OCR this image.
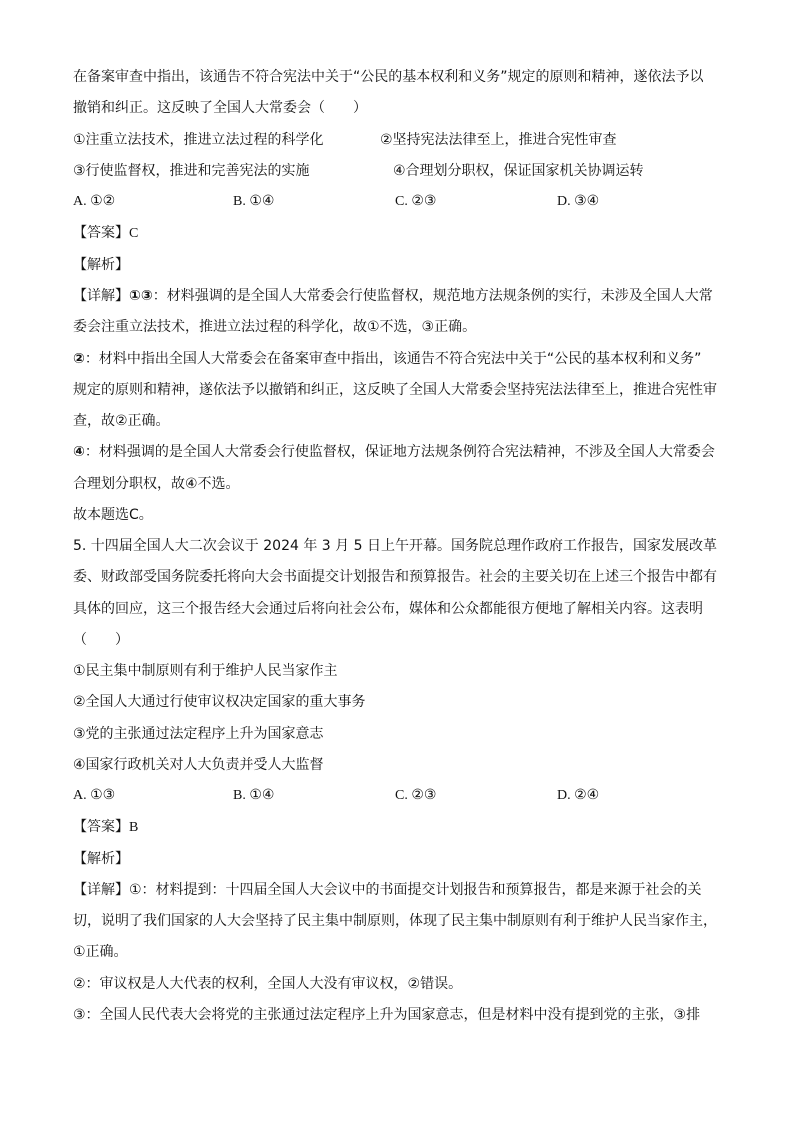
在备案审查中指出，该通告不符合宪法中关于“公民的基本权利和义务”规定的原则和精神，遂依法予以
撤销和纠正。这反映了全国人大常委会（　　）
①注重立法技术，推进立法过程的科学化	②坚持宪法法律至上，推进合宪性审查
③行使监督权，推进和完善宪法的实施	④合理划分职权，保证国家机关协调运转
A. ①②	B. ①④	C. ②③	D. ③④
【答案】C
【解析】
【详解】①③：材料强调的是全国人大常委会行使监督权，规范地方法规条例的实行，未涉及全国人大常
委会注重立法技术，推进立法过程的科学化，故①不选，③正确。
②：材料中指出全国人大常委会在备案审查中指出，该通告不符合宪法中关于“公民的基本权利和义务”
规定的原则和精神，遂依法予以撤销和纠正，这反映了全国人大常委会坚持宪法法律至上，推进合宪性审
查，故②正确。
④：材料强调的是全国人大常委会行使监督权，保证地方法规条例符合宪法精神，不涉及全国人大常委会
合理划分职权，故④不选。
故本题选C。
5. 十四届全国人大二次会议于 2024 年 3 月 5 日上午开幕。国务院总理作政府工作报告，国家发展改革
委、财政部受国务院委托将向大会书面提交计划报告和预算报告。社会的主要关切在上述三个报告中都有
具体的回应，这三个报告经大会通过后将向社会公布，媒体和公众都能很方便地了解相关内容。这表明
（　　）
①民主集中制原则有利于维护人民当家作主
②全国人大通过行使审议权决定国家的重大事务
③党的主张通过法定程序上升为国家意志
④国家行政机关对人大负责并受人大监督
A. ①③	B. ①④	C. ②③	D. ②④
【答案】B
【解析】
【详解】①：材料提到：十四届全国人大会议中的书面提交计划报告和预算报告，都是来源于社会的关
切，说明了我们国家的人大会坚持了民主集中制原则，体现了民主集中制原则有利于维护人民当家作主，
①正确。
②：审议权是人大代表的权利，全国人大没有审议权，②错误。
③：全国人民代表大会将党的主张通过法定程序上升为国家意志，但是材料中没有提到党的主张，③排
